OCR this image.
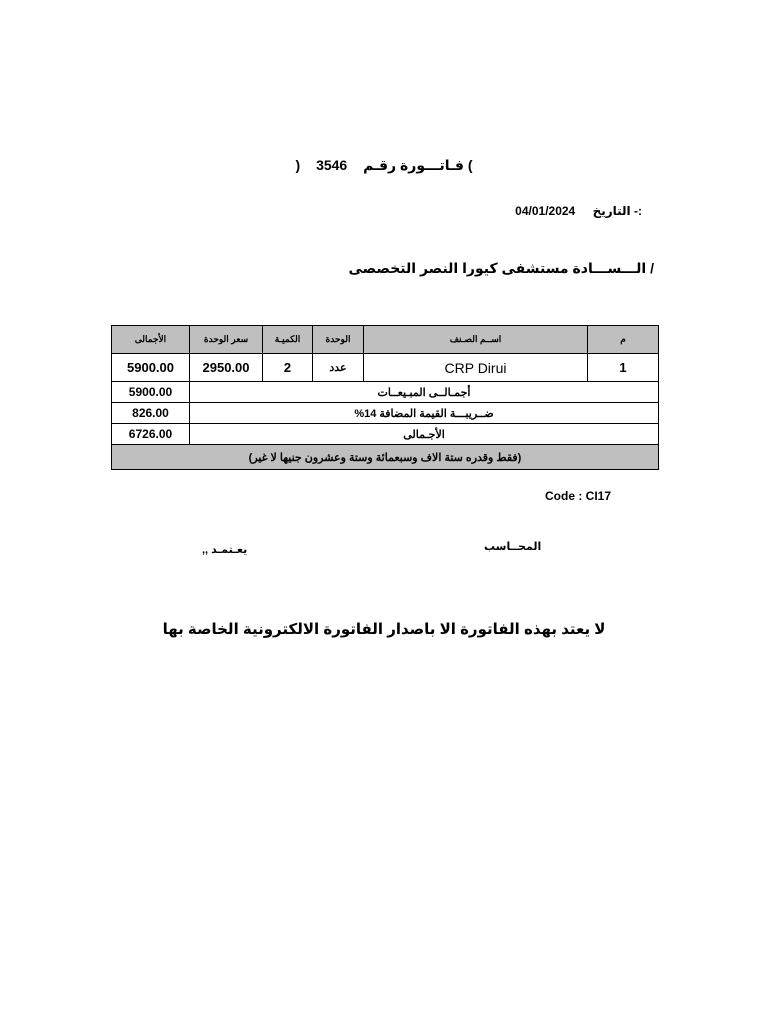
) فـاتـــورة رقـم 3546 (
:- التاريخ 04/01/2024
/ الـــســـادة مستشفى كيورا النصر التخصصى
م	اســم الصـنف	الوحدة	الكميـة	سعر الوحدة	الأجمالى
1	CRP Dirui	عدد	2	2950.00	5900.00
أجمـالــى المبـيعــات					5900.00
ضــريبـــة القيمة المضافة 14%					826.00
الأجـمالى					6726.00
(فقط وقدره ستة الاف وسبعمائة وستة وعشرون جنيها لا غير)					
Code : CI17
المحــاسب
يعـتمـد ,,
لا يعتد بهذه الفاتورة الا باصدار الفاتورة الالكترونية الخاصة بها
